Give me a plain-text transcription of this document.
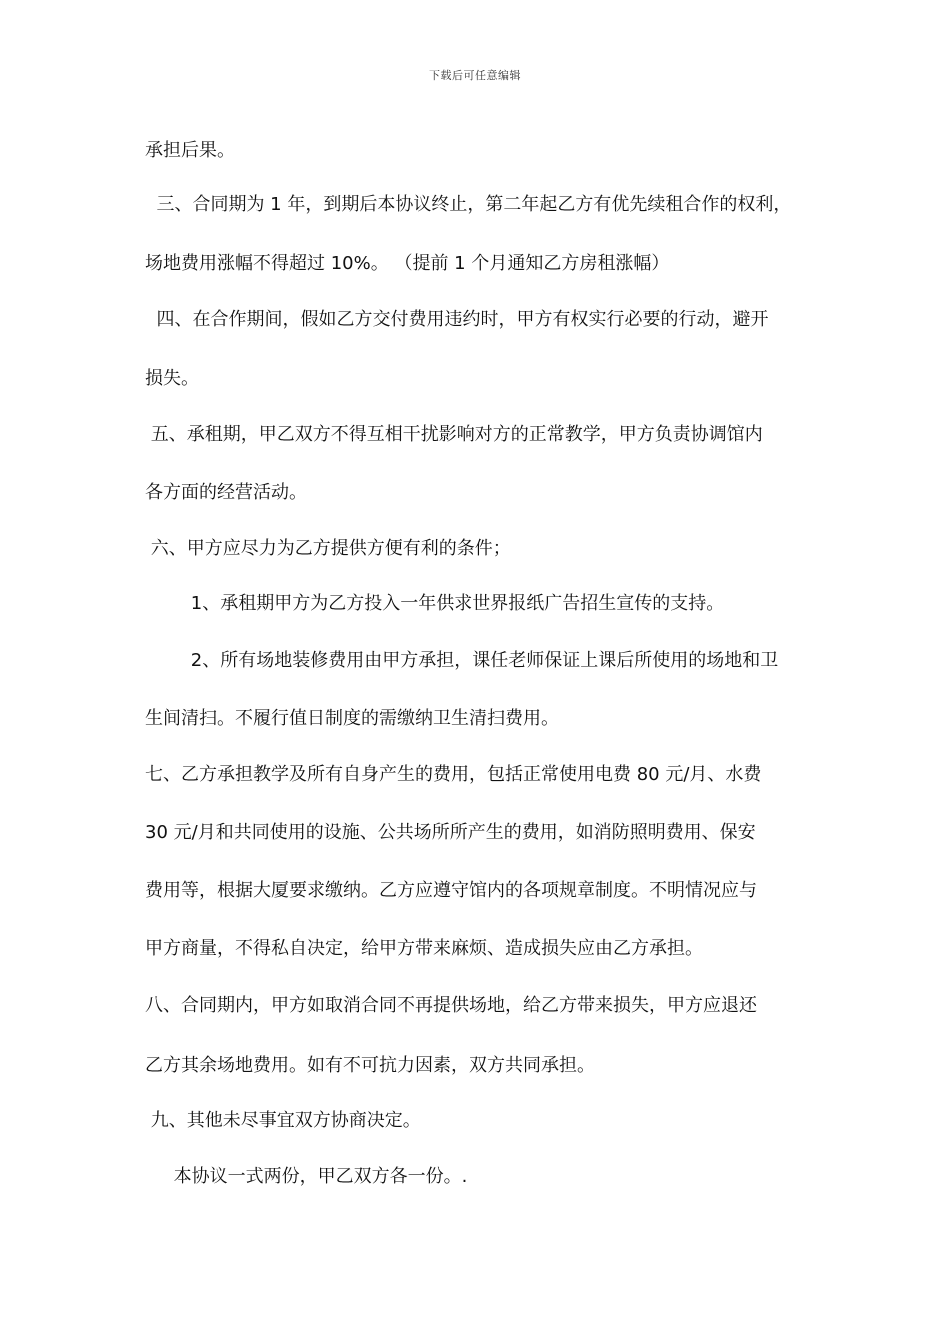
下载后可任意编辑
承担后果。
三、合同期为 1 年，到期后本协议终止，第二年起乙方有优先续租合作的权利，
场地费用涨幅不得超过 10%。 （提前 1 个月通知乙方房租涨幅）
四、在合作期间，假如乙方交付费用违约时，甲方有权实行必要的行动，避开
损失。
五、承租期，甲乙双方不得互相干扰影响对方的正常教学，甲方负责协调馆内
各方面的经营活动。
六、甲方应尽力为乙方提供方便有利的条件；
1、承租期甲方为乙方投入一年供求世界报纸广告招生宣传的支持。
2、所有场地装修费用由甲方承担，课任老师保证上课后所使用的场地和卫
生间清扫。不履行值日制度的需缴纳卫生清扫费用。
七、乙方承担教学及所有自身产生的费用，包括正常使用电费 80 元/月、水费
30 元/月和共同使用的设施、公共场所所产生的费用，如消防照明费用、保安
费用等，根据大厦要求缴纳。乙方应遵守馆内的各项规章制度。不明情况应与
甲方商量，不得私自决定，给甲方带来麻烦、造成损失应由乙方承担。
八、合同期内，甲方如取消合同不再提供场地，给乙方带来损失，甲方应退还
乙方其余场地费用。如有不可抗力因素，双方共同承担。
九、其他未尽事宜双方协商决定。
本协议一式两份，甲乙双方各一份。.
